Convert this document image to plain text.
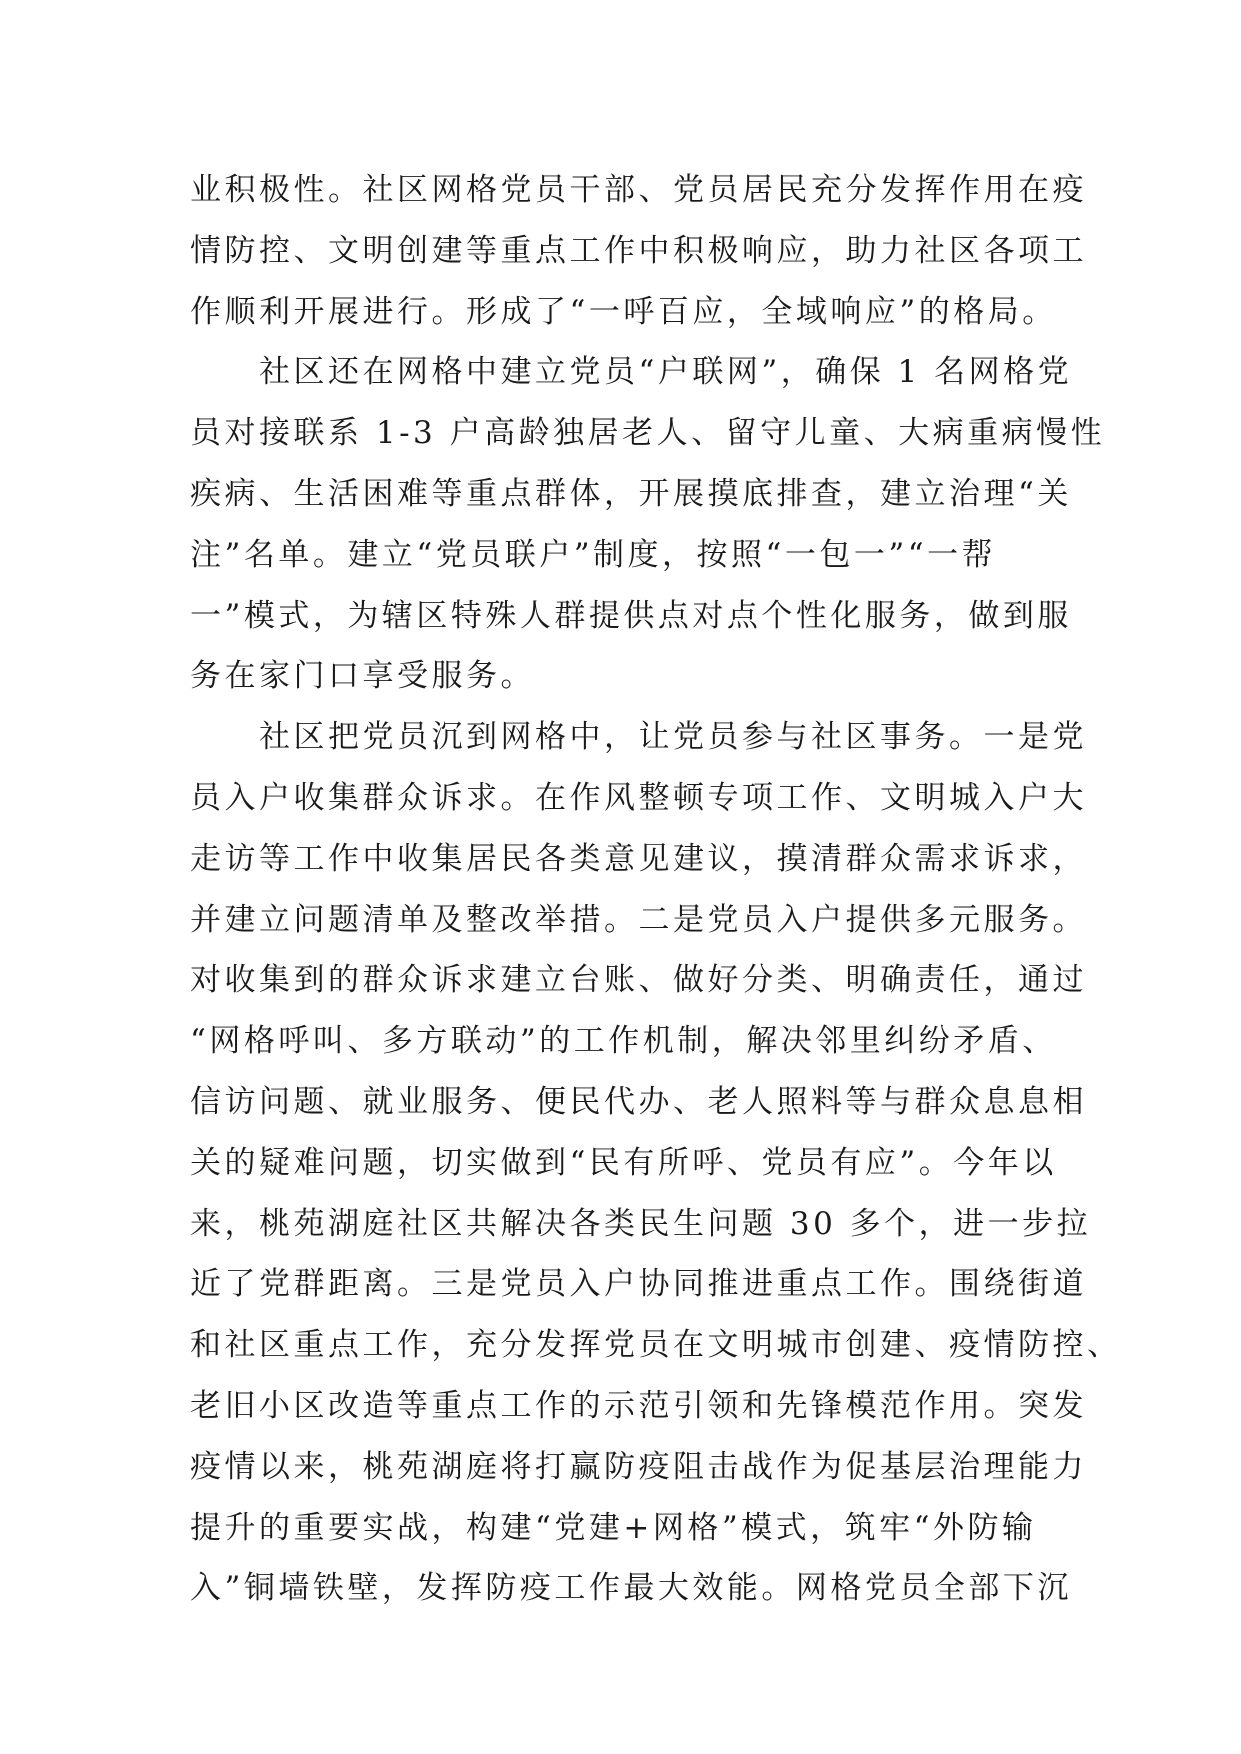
业积极性。社区网格党员干部、党员居民充分发挥作用在疫
情防控、文明创建等重点工作中积极响应，助力社区各项工
作顺利开展进行。形成了“一呼百应，全域响应”的格局。
　　社区还在网格中建立党员“户联网”，确保 1 名网格党
员对接联系 1-3 户高龄独居老人、留守儿童、大病重病慢性
疾病、生活困难等重点群体，开展摸底排查，建立治理“关
注”名单。建立“党员联户”制度，按照“一包一”“一帮
一”模式，为辖区特殊人群提供点对点个性化服务，做到服
务在家门口享受服务。
　　社区把党员沉到网格中，让党员参与社区事务。一是党
员入户收集群众诉求。在作风整顿专项工作、文明城入户大
走访等工作中收集居民各类意见建议，摸清群众需求诉求，
并建立问题清单及整改举措。二是党员入户提供多元服务。
对收集到的群众诉求建立台账、做好分类、明确责任，通过
“网格呼叫、多方联动”的工作机制，解决邻里纠纷矛盾、
信访问题、就业服务、便民代办、老人照料等与群众息息相
关的疑难问题，切实做到“民有所呼、党员有应”。今年以
来，桃苑湖庭社区共解决各类民生问题 30 多个，进一步拉
近了党群距离。三是党员入户协同推进重点工作。围绕街道
和社区重点工作，充分发挥党员在文明城市创建、疫情防控、
老旧小区改造等重点工作的示范引领和先锋模范作用。突发
疫情以来，桃苑湖庭将打赢防疫阻击战作为促基层治理能力
提升的重要实战，构建“党建+网格”模式，筑牢“外防输
入”铜墙铁壁，发挥防疫工作最大效能。网格党员全部下沉
